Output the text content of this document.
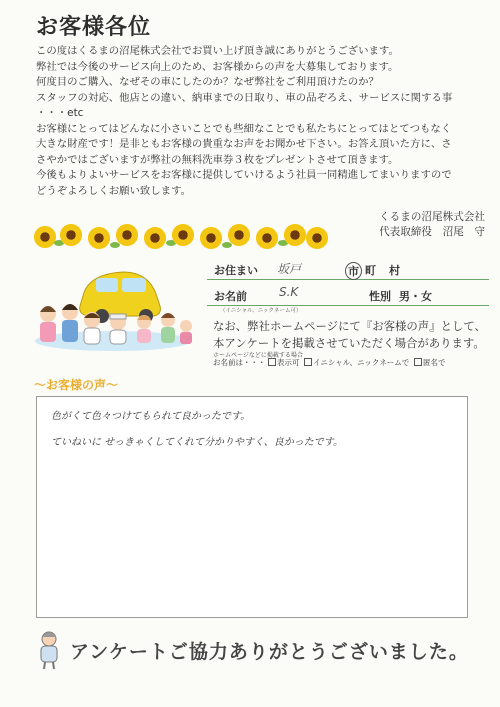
お客様各位

この度はくるまの沼尾株式会社でお買い上げ頂き誠にありがとうございます。

弊社では今後のサービス向上のため、お客様からの声を大募集しております。

何度目のご購入、なぜその車にしたのか？なぜ弊社をご利用頂けたのか？

スタッフの対応、他店との違い、納車までの日取り、車の品ぞろえ、サービスに関する事

・・・etc

お客様にとってはどんなに小さいことでも些細なことでも私たちにとってはとてつもなく

大きな財産です！是非ともお客様の貴重なお声をお聞かせ下さい。お答え頂いた方に、さ

さやかではございますが弊社の無料洗車券３枚をプレゼントさせて頂きます。

今後もよりよいサービスをお客様に提供していけるよう社員一同精進してまいりますので

どうぞよろしくお願い致します。

くるまの沼尾株式会社
代表取締役　沼尾　守
お住まい 坂戸	市 町 村
お名前	S.K	性別 男・女
（イニシャル、ニックネーム可）
なお、弊社ホームページにて『お客様の声』として、
本アンケートを掲載させていただく場合があります。
ホームページなどに掲載する場合
お名前は・・・ 表示可 イニシャル、ニックネームで 匿名で
～お客様の声～
色がくて色々つけてもられて良かったです。
ていねいに せっきゃくしてくれて分かりやすく、良かったです。
アンケートご協力ありがとうございました。
